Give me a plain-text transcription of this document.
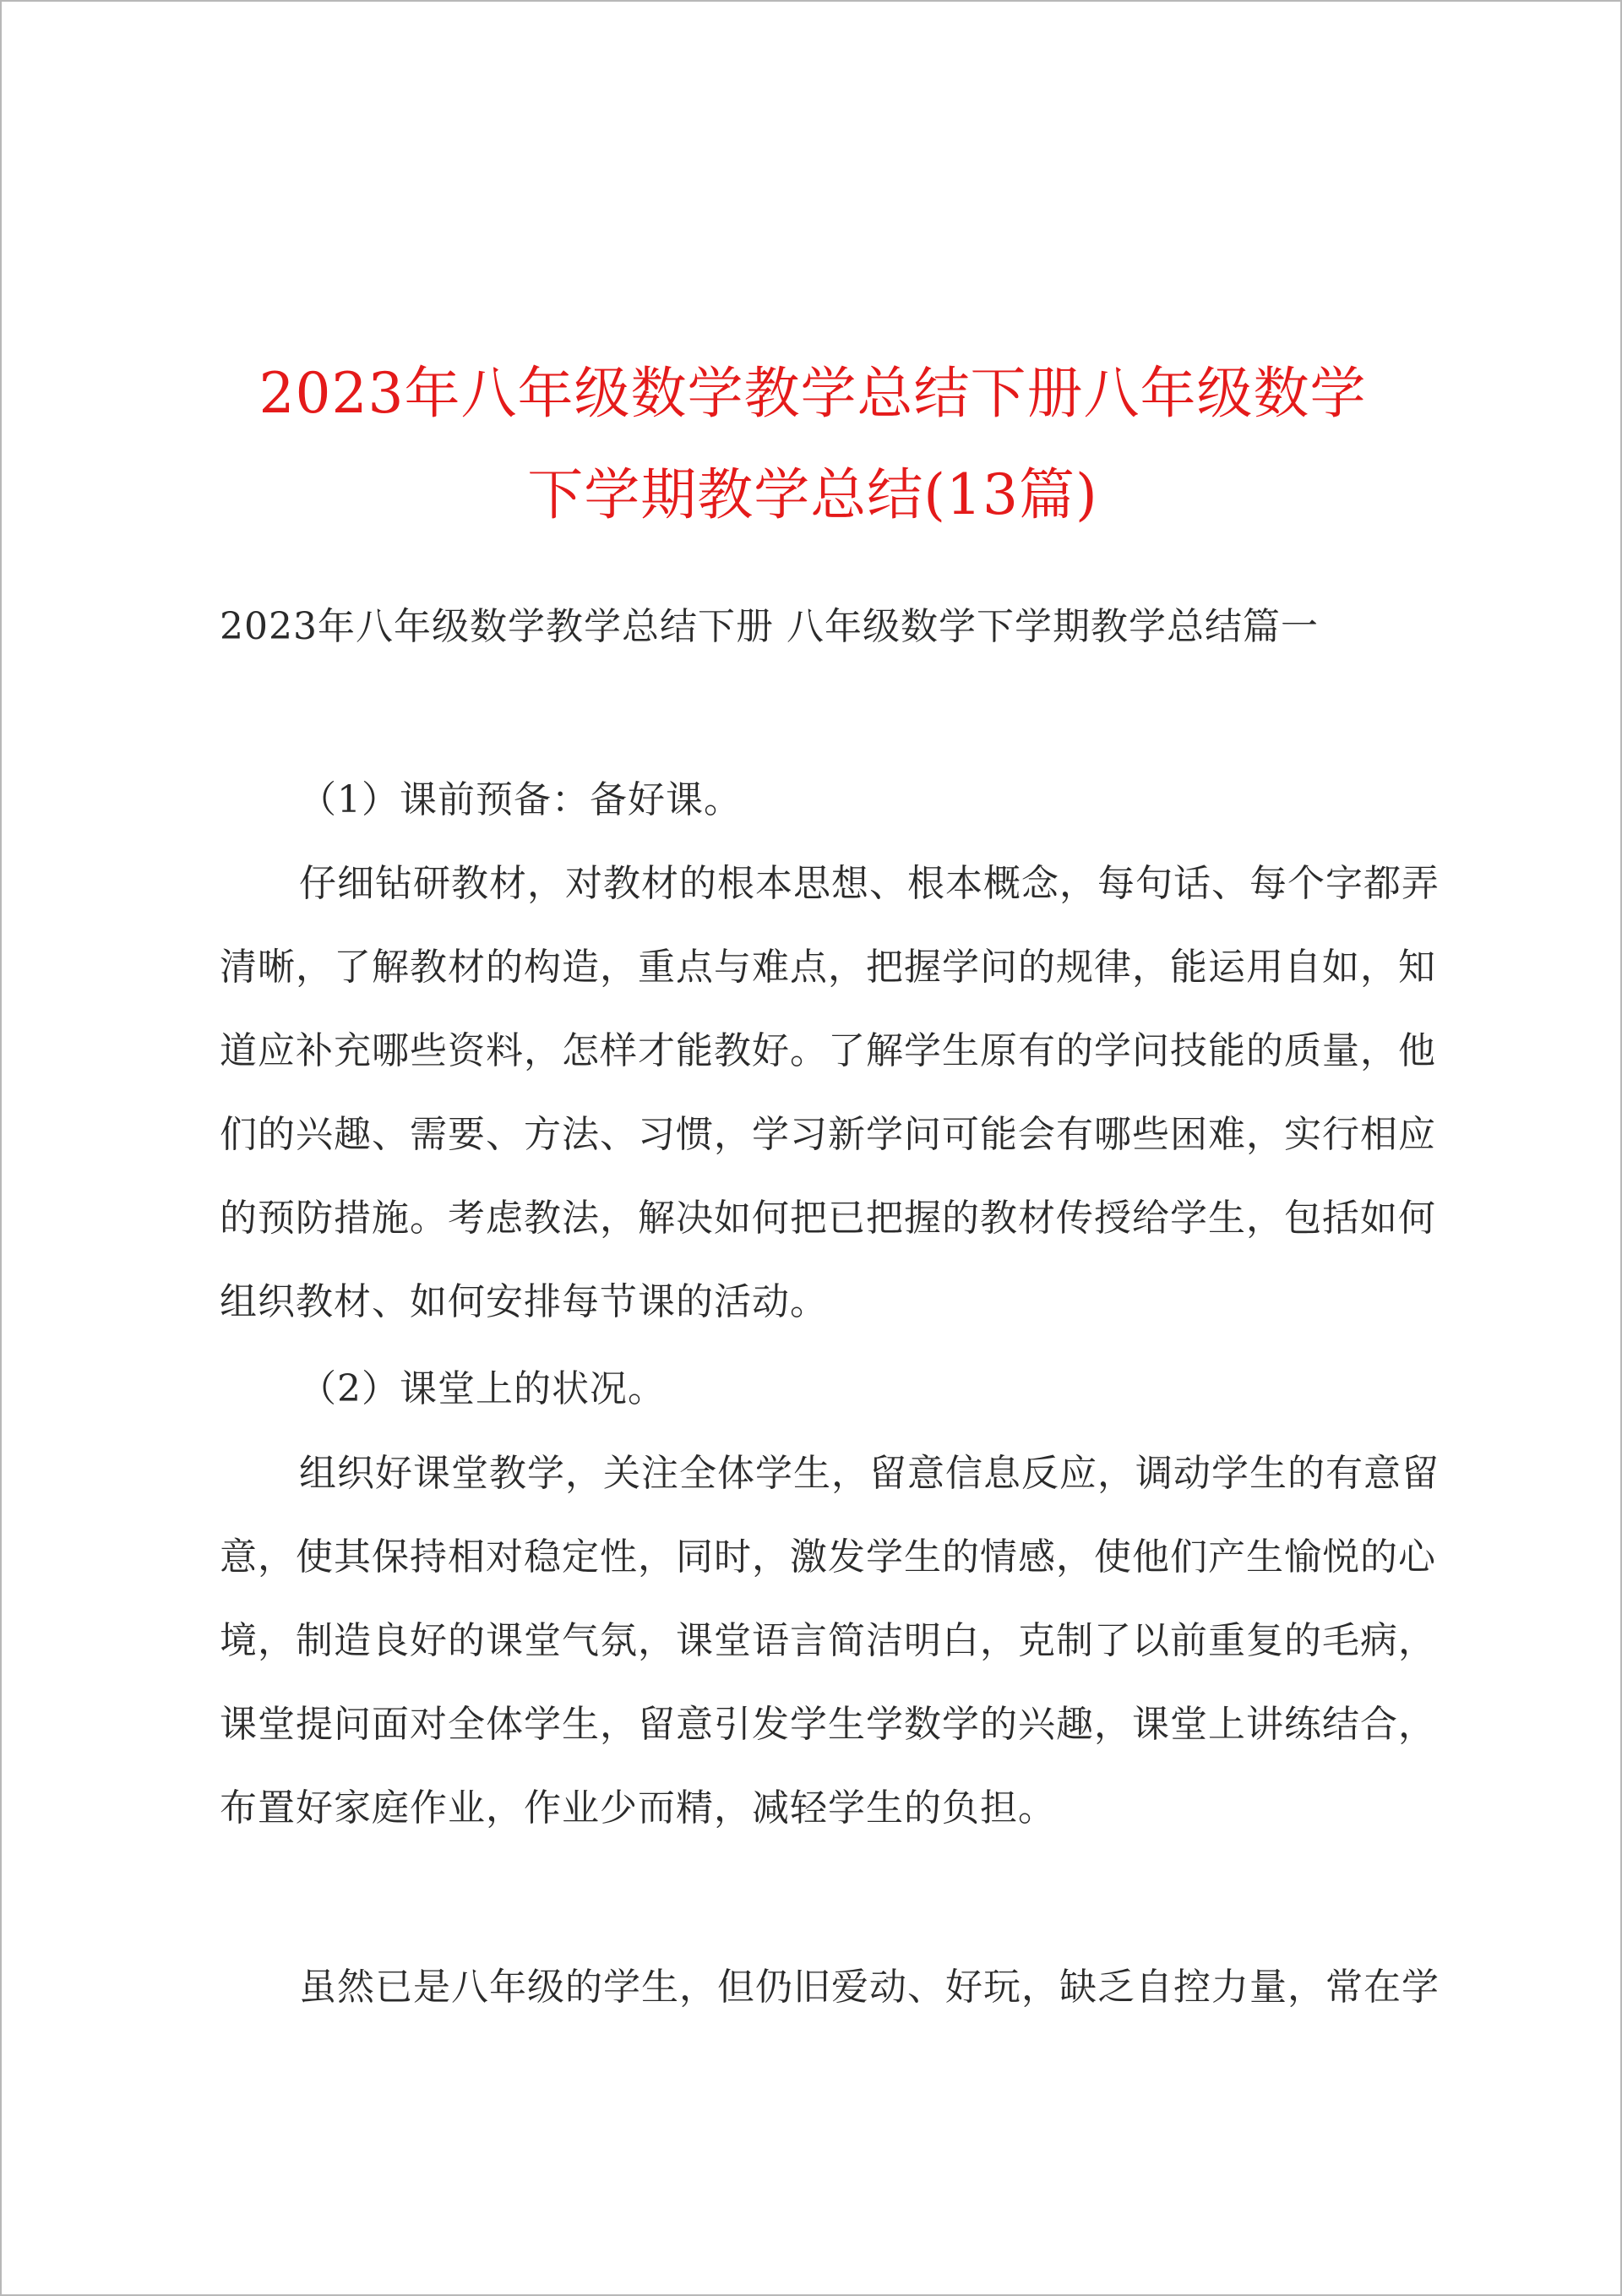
2023年八年级数学教学总结下册八年级数学
下学期教学总结(13篇)
2023年八年级数学教学总结下册 八年级数学下学期教学总结篇一
（1）课前预备：备好课。
仔细钻研教材，对教材的根本思想、根本概念，每句话、每个字都弄
清晰，了解教材的构造，重点与难点，把握学问的规律，能运用自如，知
道应补充哪些资料，怎样才能教好。了解学生原有的学问技能的质量，他
们的兴趣、需要、方法、习惯，学习新学问可能会有哪些困难，实行相应
的预防措施。考虑教法，解决如何把已把握的教材传授给学生，包括如何
组织教材、如何安排每节课的活动。
（2）课堂上的状况。
组织好课堂教学，关注全体学生，留意信息反应，调动学生的有意留
意，使其保持相对稳定性，同时，激发学生的情感，使他们产生愉悦的心
境，制造良好的课堂气氛，课堂语言简洁明白，克制了以前重复的毛病，
课堂提问面对全体学生，留意引发学生学数学的兴趣，课堂上讲练结合，
布置好家庭作业，作业少而精，减轻学生的负担。
虽然已是八年级的学生，但仍旧爱动、好玩，缺乏自控力量，常在学
